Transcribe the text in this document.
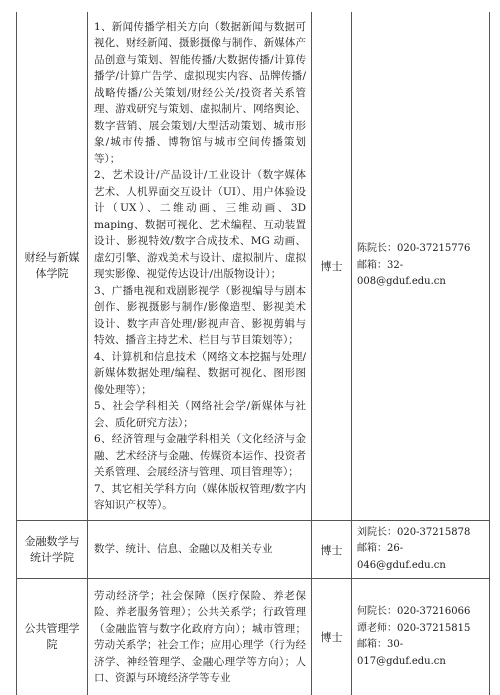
财经与新媒体学院
1、新闻传播学相关方向（数据新闻与数据可视化、财经新闻、摄影摄像与制作、新媒体产品创意与策划、智能传播/大数据传播/计算传播学/计算广告学、虚拟现实内容、品牌传播/战略传播/公关策划/财经公关/投资者关系管理、游戏研究与策划、虚拟制片、网络舆论、数字营销、展会策划/大型活动策划、城市形象/城市传播、博物馆与城市空间传播策划等）；
2、艺术设计/产品设计/工业设计（数字媒体艺术、人机界面交互设计（UI）、用户体验设计（UX）、二维动画、三维动画、3D maping、数据可视化、艺术编程、互动装置设计、影视特效/数字合成技术、MG 动画、虚幻引擎、游戏美术与设计、虚拟制片、虚拟现实影像、视觉传达设计/出版物设计）；
3、广播电视和戏剧影视学（影视编导与剧本创作、影视摄影与制作/影像造型、影视美术设计、数字声音处理/影视声音、影视剪辑与特效、播音主持艺术、栏目与节目策划等）；
4、计算机和信息技术（网络文本挖掘与处理/新媒体数据处理/编程、数据可视化、图形图像处理等）；
5、社会学科相关（网络社会学/新媒体与社会、质化研究方法）；
6、经济管理与金融学科相关（文化经济与金融、艺术经济与金融、传媒资本运作、投资者关系管理、会展经济与管理、项目管理等）；
7、其它相关学科方向（媒体版权管理/数字内容知识产权等）。
博士
陈院长：020-37215776
邮箱：32-008@gduf.edu.cn
金融数学与统计学院
数学、统计、信息、金融以及相关专业	博士
刘院长：020-37215878
邮箱：26-046@gduf.edu.cn
公共管理学院
劳动经济学；社会保障（医疗保险、养老保险、养老服务管理）；公共关系学；行政管理（金融监管与数字化政府方向）；城市管理；劳动关系学；社会工作；应用心理学（行为经济学、神经管理学、金融心理学等方向）；人口、资源与环境经济学等专业
博士
何院长：020-37216066
谭老师：020-37215815
邮箱：30-017@gduf.edu.cn
